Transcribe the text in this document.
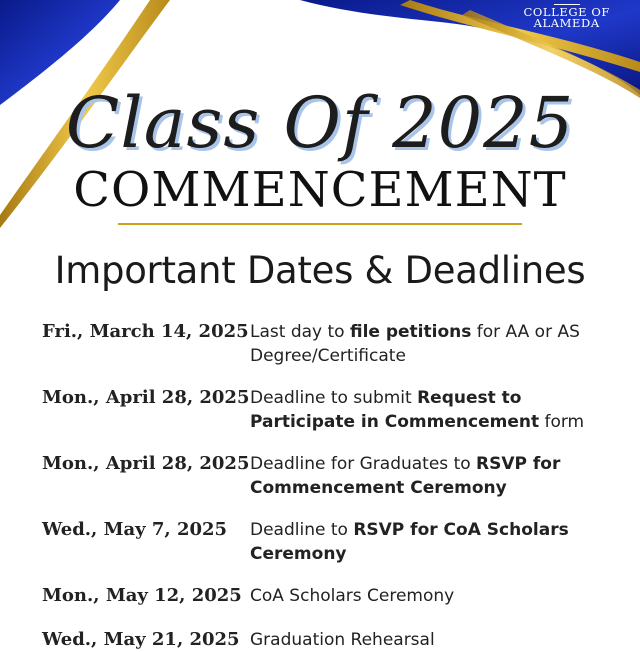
COLLEGE OF
ALAMEDA
Class Of 2025
COMMENCEMENT
Important Dates & Deadlines
Fri., March 14, 2025 Last day to file petitions for AA or AS Degree/Certificate
Mon., April 28, 2025 Deadline to submit Request to Participate in Commencement form
Mon., April 28, 2025 Deadline for Graduates to RSVP for Commencement Ceremony
Wed., May 7, 2025 Deadline to RSVP for CoA Scholars Ceremony
Mon., May 12, 2025 CoA Scholars Ceremony
Wed., May 21, 2025 Graduation Rehearsal
